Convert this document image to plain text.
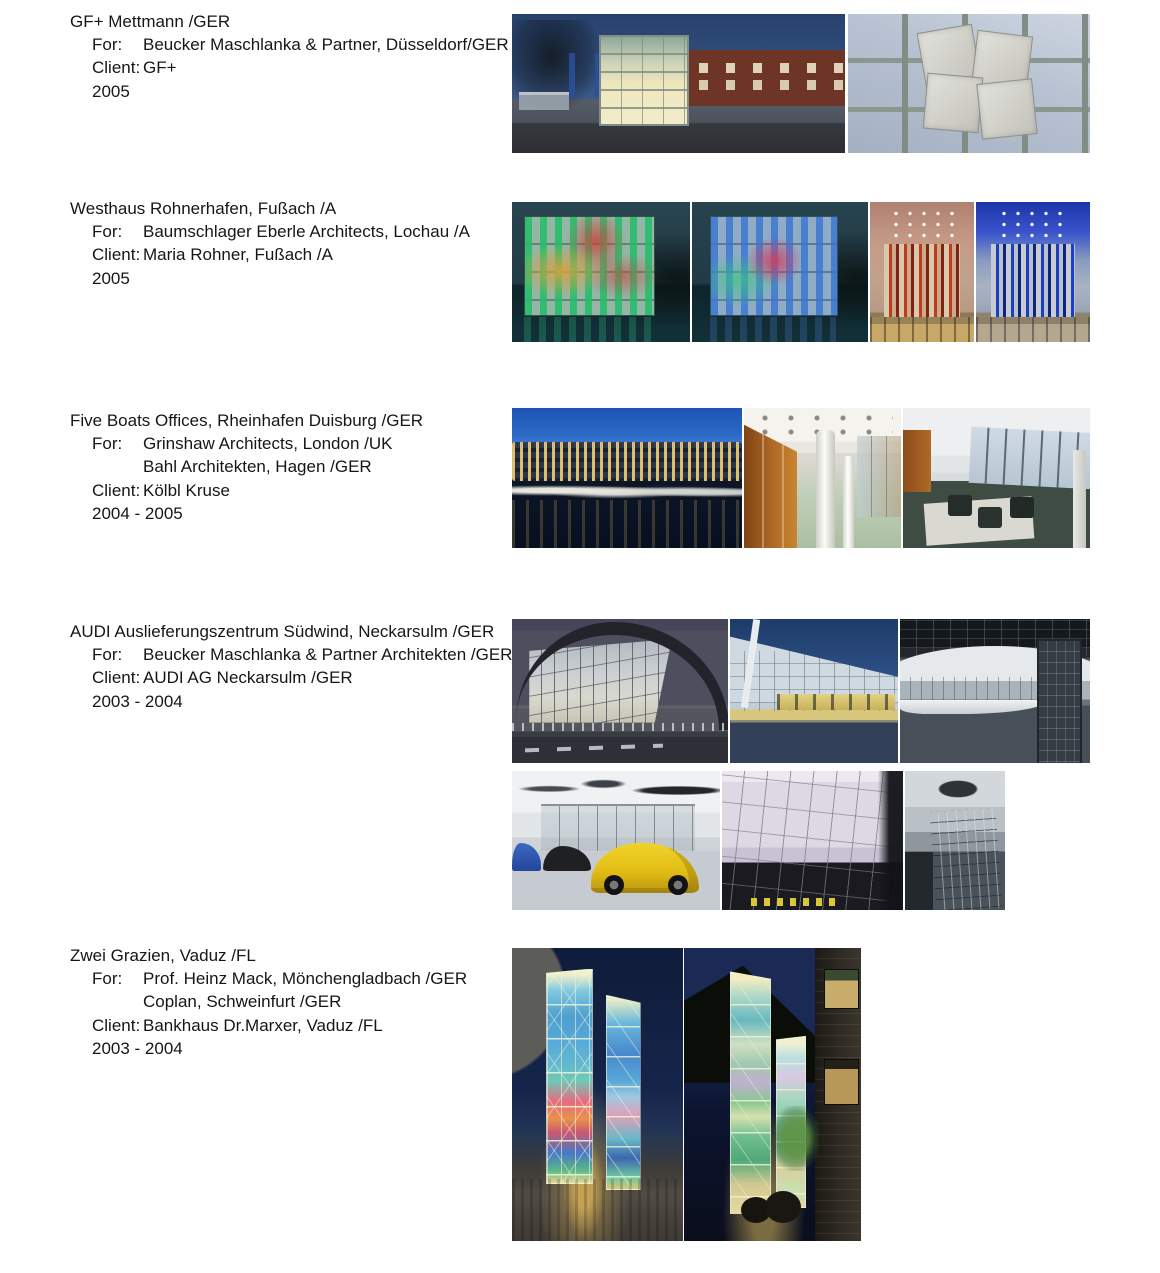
GF+ Mettmann /GER
For: Beucker Maschlanka & Partner, Düsseldorf/GER
Client: GF+
2005
Westhaus Rohnerhafen, Fußach /A
For: Baumschlager Eberle Architects, Lochau /A
Client: Maria Rohner, Fußach /A
2005
Five Boats Offices, Rheinhafen Duisburg /GER
For: Grinshaw Architects, London /UK
Bahl Architekten, Hagen /GER
Client: Kölbl Kruse
2004 - 2005
AUDI Auslieferungszentrum Südwind, Neckarsulm /GER
For: Beucker Maschlanka & Partner Architekten /GER
Client: AUDI AG Neckarsulm /GER
2003 - 2004
Zwei Grazien, Vaduz /FL
For: Prof. Heinz Mack, Mönchengladbach /GER
Coplan, Schweinfurt /GER
Client: Bankhaus Dr.Marxer, Vaduz /FL
2003 - 2004
